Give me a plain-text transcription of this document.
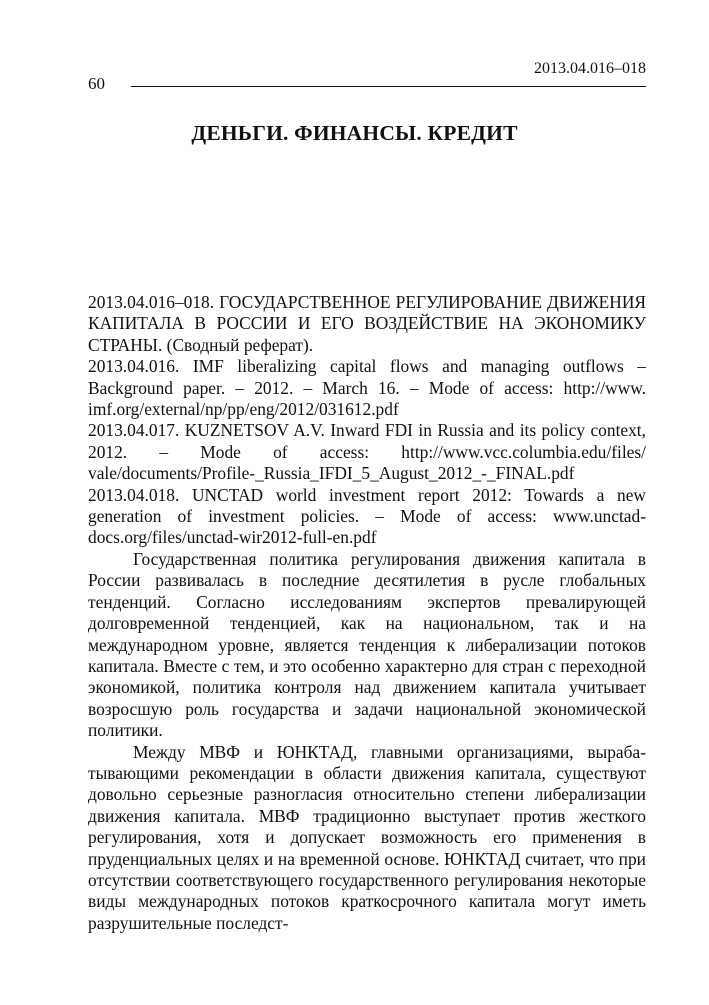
2013.04.016–018
60
ДЕНЬГИ. ФИНАНСЫ. КРЕДИТ

2013.04.016–018. ГОСУДАРСТВЕННОЕ РЕГУЛИРОВАНИЕ ДВИЖЕНИЯ КАПИТАЛА В РОССИИ И ЕГО ВОЗДЕЙСТВИЕ НА ЭКОНОМИКУ СТРАНЫ. (Сводный реферат).

2013.04.016. IMF liberalizing capital flows and managing outflows – Background paper. – 2012. – March 16. – Mode of access: http://www.​imf.org/external/np/pp/eng/2012/031612.pdf

2013.04.017. KUZNETSOV A.V. Inward FDI in Russia and its policy context, 2012. – Mode of access: http://www.vcc.columbia.edu/files/​vale/documents/Profile-_Russia_IFDI_5_August_2012_-_FINAL.pdf

2013.04.018. UNCTAD world investment report 2012: Towards a new generation of investment policies. – Mode of access: www.unctad-​docs.org/files/unctad-wir2012-full-en.pdf

Государственная политика регулирования движения капитала в России развивалась в последние десятилетия в русле глобальных тенденций. Согласно исследованиям экспертов превалирующей долговременной тенденцией, как на национальном, так и на международном уровне, является тенденция к либерализации потоков капитала. Вместе с тем, и это особенно характерно для стран с переходной экономикой, политика контроля над движением капитала учитывает возросшую роль государства и задачи национальной экономической политики.

Между МВФ и ЮНКТАД, главными организациями, вырабатывающими рекомендации в области движения капитала, существуют довольно серьезные разногласия относительно степени либерализации движения капитала. МВФ традиционно выступает против жесткого регулирования, хотя и допускает возможность его применения в пруденциальных целях и на временной основе. ЮНКТАД считает, что при отсутствии соответствующего государственного регулирования некоторые виды международных потоков краткосрочного капитала могут иметь разрушительные последст-
